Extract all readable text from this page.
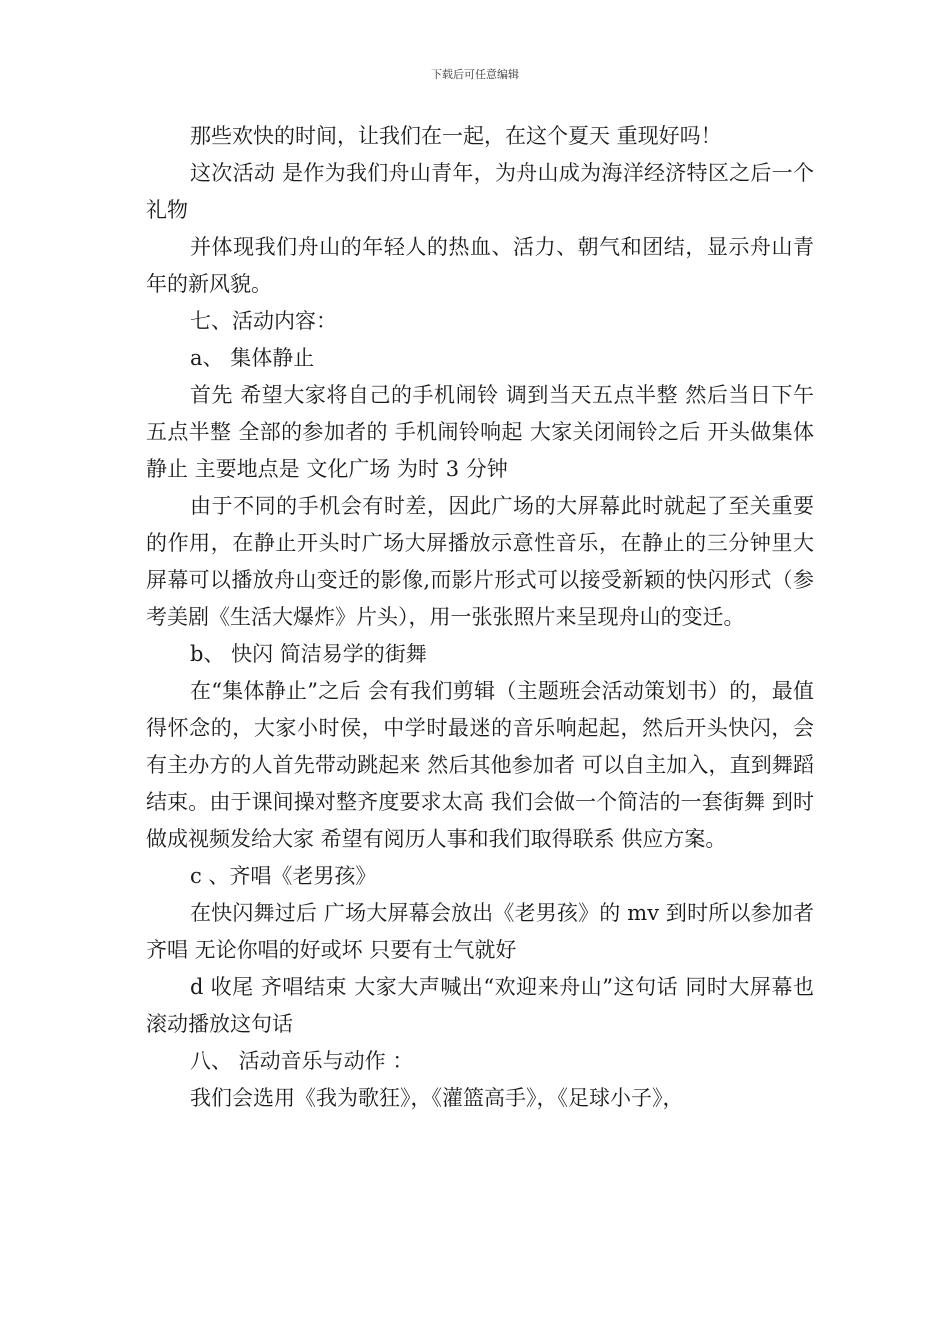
下载后可任意编辑

那些欢快的时间，让我们在一起，在这个夏天 重现好吗！

这次活动 是作为我们舟山青年，为舟山成为海洋经济特区之后一个礼物

并体现我们舟山的年轻人的热血、活力、朝气和团结，显示舟山青年的新风貌。

七、活动内容：

a、 集体静止

首先 希望大家将自己的手机闹铃 调到当天五点半整 然后当日下午五点半整 全部的参加者的 手机闹铃响起 大家关闭闹铃之后 开头做集体静止 主要地点是 文化广场 为时 3 分钟

由于不同的手机会有时差，因此广场的大屏幕此时就起了至关重要的作用，在静止开头时广场大屏播放示意性音乐，在静止的三分钟里大屏幕可以播放舟山变迁的影像,而影片形式可以接受新颖的快闪形式（参考美剧《生活大爆炸》片头），用一张张照片来呈现舟山的变迁。

b、 快闪 简洁易学的街舞

在“集体静止”之后 会有我们剪辑（主题班会活动策划书）的，最值得怀念的，大家小时侯，中学时最迷的音乐响起起，然后开头快闪，会有主办方的人首先带动跳起来 然后其他参加者 可以自主加入，直到舞蹈结束。由于课间操对整齐度要求太高 我们会做一个简洁的一套街舞 到时做成视频发给大家 希望有阅历人事和我们取得联系 供应方案。

c 、齐唱《老男孩》

在快闪舞过后 广场大屏幕会放出《老男孩》的 mv 到时所以参加者 齐唱 无论你唱的好或坏 只要有士气就好

d 收尾 齐唱结束 大家大声喊出“欢迎来舟山”这句话 同时大屏幕也滚动播放这句话

八、 活动音乐与动作 ：

我们会选用《我为歌狂》，《灌篮高手》，《足球小子》，
